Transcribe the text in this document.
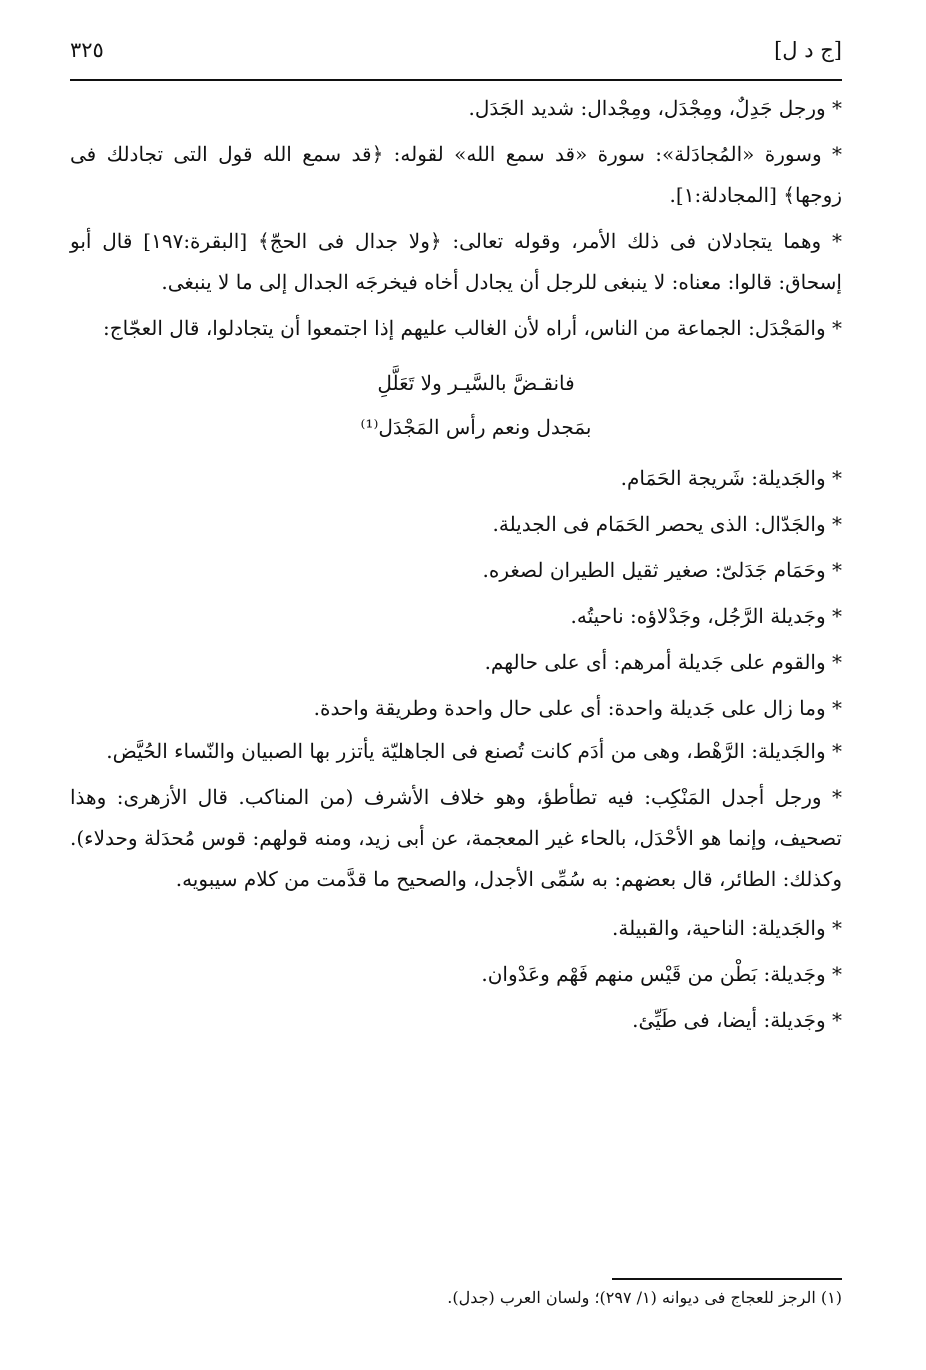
[ج د ل]
٣٢٥

* ورجل جَدِلٌ، ومِجْدَل، ومِجْدال: شديد الجَدَل.

* وسورة «المُجادَلة»: سورة «قد سمع الله» لقوله: ﴿قد سمع الله قول التى تجادلك فى زوجها﴾ [المجادلة:١].

* وهما يتجادلان فى ذلك الأمر، وقوله تعالى: ﴿ولا جدال فى الحجّ﴾ [البقرة:١٩٧] قال أبو إسحاق: قالوا: معناه: لا ينبغى للرجل أن يجادل أخاه فيخرجَه الجدال إلى ما لا ينبغى.

* والمَجْدَل: الجماعة من الناس، أراه لأن الغالب عليهم إذا اجتمعوا أن يتجادلوا، قال العجّاج:

فانقـضَّ بالسَّيـر ولا تَعَلَّلِ

بمَجدل ونعم رأس المَجْدَل⁽¹⁾

* والجَديلة: شَريجة الحَمَام.

* والجَدّال: الذى يحصر الحَمَام فى الجديلة.

* وحَمَام جَدَلىّ: صغير ثقيل الطيران لصغره.

* وجَديلة الرَّجُل، وجَدْلاؤه: ناحيتُه.

* والقوم على جَديلة أمرهم: أى على حالهم.

* وما زال على جَديلة واحدة: أى على حال واحدة وطريقة واحدة.

* والجَديلة: الرَّهْط، وهى من أدَم كانت تُصنع فى الجاهليّة يأتزر بها الصبيان والنّساء الحُيَّض.

* ورجل أجدل المَنْكِب: فيه تطأطؤ، وهو خلاف الأشرف (من المناكب. قال الأزهرى: وهذا تصحيف، وإنما هو الأحْدَل، بالحاء غير المعجمة، عن أبى زيد، ومنه قولهم: قوس مُحدَلة وحدلاء). وكذلك: الطائر، قال بعضهم: به سُمِّى الأجدل، والصحيح ما قدَّمت من كلام سيبويه.

* والجَديلة: الناحية، والقبيلة.

* وجَديلة: بَطْن من قَيْس منهم فَهْم وعَدْوان.

* وجَديلة: أيضا، فى طَيِّئ.

(١) الرجز للعجاج فى ديوانه (١/ ٢٩٧)؛ ولسان العرب (جدل).
